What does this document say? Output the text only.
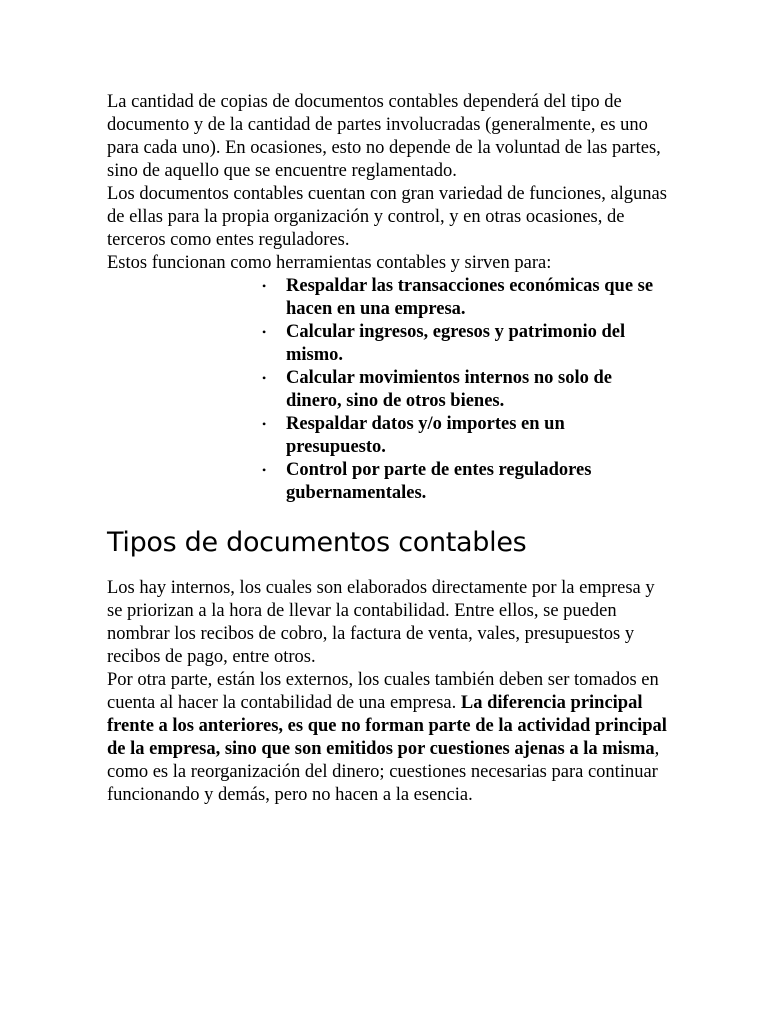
La cantidad de copias de documentos contables dependerá del tipo de documento y de la cantidad de partes involucradas (generalmente, es uno para cada uno). En ocasiones, esto no depende de la voluntad de las partes, sino de aquello que se encuentre reglamentado.

Los documentos contables cuentan con gran variedad de funciones, algunas de ellas para la propia organización y control, y en otras ocasiones, de terceros como entes reguladores.

Estos funcionan como herramientas contables y sirven para:

• Respaldar las transacciones económicas que se hacen en una empresa.
• Calcular ingresos, egresos y patrimonio del mismo.
• Calcular movimientos internos no solo de dinero, sino de otros bienes.
• Respaldar datos y/o importes en un presupuesto.
• Control por parte de entes reguladores gubernamentales.
Tipos de documentos contables

Los hay internos, los cuales son elaborados directamente por la empresa y se priorizan a la hora de llevar la contabilidad. Entre ellos, se pueden nombrar los recibos de cobro, la factura de venta, vales, presupuestos y recibos de pago, entre otros.

Por otra parte, están los externos, los cuales también deben ser tomados en cuenta al hacer la contabilidad de una empresa. La diferencia principal frente a los anteriores, es que no forman parte de la actividad principal de la empresa, sino que son emitidos por cuestiones ajenas a la misma, como es la reorganización del dinero; cuestiones necesarias para continuar funcionando y demás, pero no hacen a la esencia.
